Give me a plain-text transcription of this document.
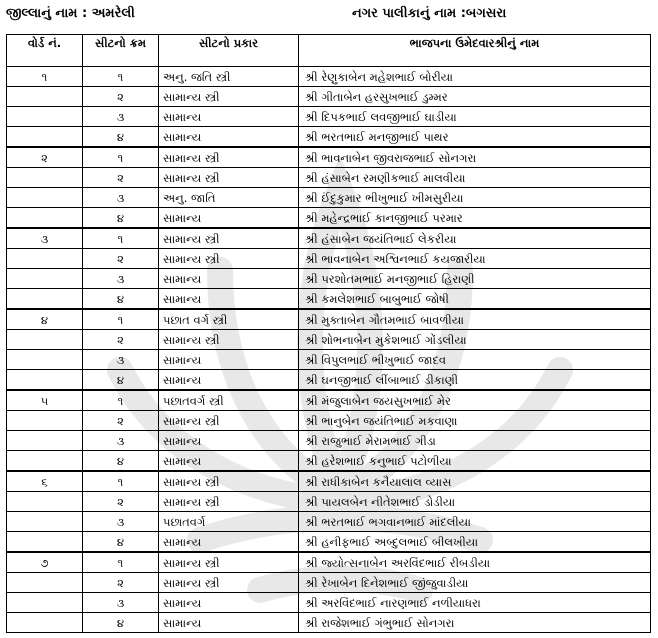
જીલ્લાનું નામ : અમરેલી	નગર પાલીકાનું નામ :બગસરા
વોર્ડ નં.	સીટનો ક્રમ	સીટનો પ્રકાર	ભાજપના ઉમેદવારશ્રીનું નામ
૧	૧	અનુ. જતિ સ્ત્રી	શ્રી રેણુકાબેન મહેશભાઈ બોરીયા
	૨	સામાન્ય સ્ત્રી	શ્રી ગીતાબેન હરસુખભાઈ ડુમ્મર
	૩	સામાન્ય	શ્રી દિપકભાઈ લવજીભાઈ ઘાડીયા
	૪	સામાન્ય	શ્રી ભરતભાઈ મનજીભાઈ પાથર
૨	૧	સામાન્ય સ્ત્રી	શ્રી ભાવનાબેન જીવરાજભાઈ સોનગરા
	૨	સામાન્ય સ્ત્રી	શ્રી હંસાબેન રમણીકભાઈ માલવીયા
	૩	અનુ. જાતિ	શ્રી ઈંદુકુમાર ભીખુભાઈ ખીમસુરીયા
	૪	સામાન્ય	શ્રી મહેન્દ્રભાઈ કાનજીભાઈ પરમાર
૩	૧	સામાન્ય સ્ત્રી	શ્રી હંસાબેન જયંતિભાઈ લેકરીયા
	૨	સામાન્ય સ્ત્રી	શ્રી ભાવનાબેન અશ્વિનભાઈ કયજારીયા
	૩	સામાન્ય	શ્રી પરશોતમભાઈ મનજીભાઈ હિરાણી
	૪	સામાન્ય	શ્રી કમલેશભાઈ બાબુભાઈ જોષી
૪	૧	પછાત વર્ગ સ્ત્રી	શ્રી મુક્તાબેન ગૌતમભાઈ બાવળીયા
	૨	સામાન્ય સ્ત્રી	શ્રી શોભનાબેન મુકેશભાઈ ગોંડલીયા
	૩	સામાન્ય	શ્રી વિપુલભાઈ ભીખુભાઈ જાદવ
	૪	સામાન્ય	શ્રી ઘનજીભાઈ લીંબાભાઈ ડીકાણી
૫	૧	પછાતવર્ગ સ્ત્રી	શ્રી મંજુલાબેન જયસુખભાઈ મેર
	૨	સામાન્ય સ્ત્રી	શ્રી ભાનુબેન જયંતિભાઈ મકવાણા
	૩	સામાન્ય	શ્રી રાજુભાઈ મેરામભાઈ ગીડા
	૪	સામાન્ય	શ્રી હરેશભાઈ કનુભાઈ પટોળીયા
૬	૧	સામાન્ય સ્ત્રી	શ્રી રાધીકાબેન કનૈયાલાલ વ્યાસ
	૨	સામાન્ય સ્ત્રી	શ્રી પાયલબેન નીતેશભાઈ ડોડીયા
	૩	પછાતવર્ગ	શ્રી ભરતભાઈ ભગવાનભાઈ માંદલીયા
	૪	સામાન્ય	શ્રી હનીફભાઈ અબ્દુલભાઈ બીલખીયા
૭	૧	સામાન્ય સ્ત્રી	શ્રી જ્યોત્સનાબેન અરવિંદભાઈ રીબડીયા
	૨	સામાન્ય સ્ત્રી	શ્રી રેખાબેન દિનેશભાઈ જીંજુવાડીયા
	૩	સામાન્ય	શ્રી અરવિંદભાઈ નારણભાઈ નળીયાધરા
	૪	સામાન્ય	શ્રી રાજેશભાઈ ગંભુભાઈ સોનગરા
